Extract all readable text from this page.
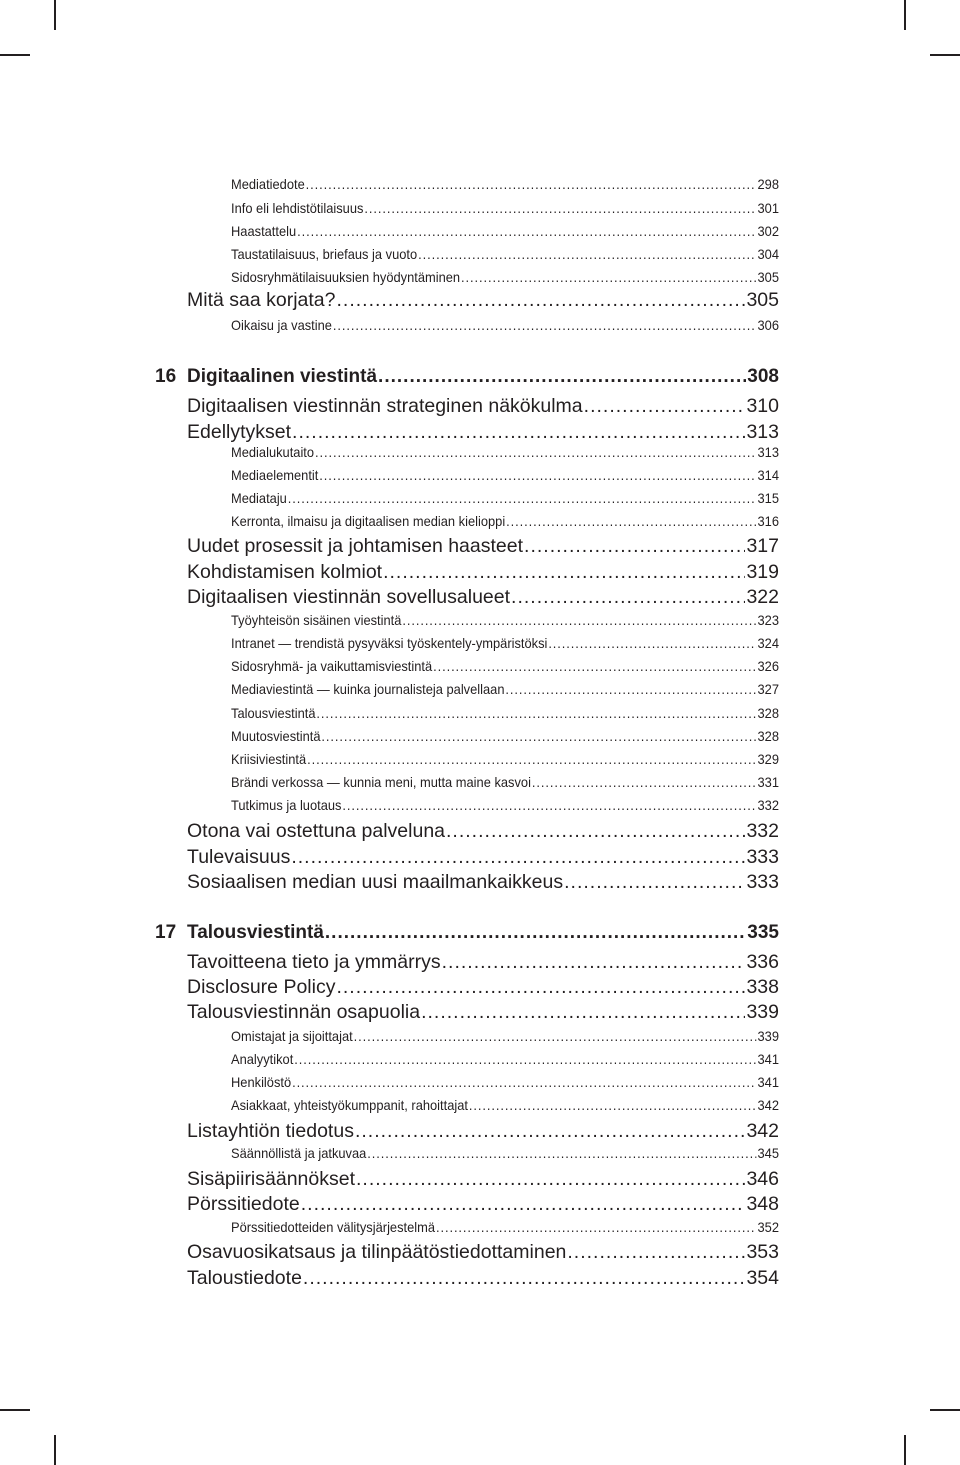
Mediatiedote .....	298
Info eli lehdistötilaisuus .....	301
Haastattelu .....	302
Taustatilaisuus, briefaus ja vuoto .....	304
Sidosryhmätilaisuuksien hyödyntäminen .....	305
Mitä saa korjata? .....	305
Oikaisu ja vastine .....	306
16 Digitaalinen viestintä .....	308
Digitaalisen viestinnän strateginen näkökulma .....	310
Edellytykset .....	313
Medialukutaito .....	313
Mediaelementit .....	314
Mediataju .....	315
Kerronta, ilmaisu ja digitaalisen median kielioppi .....	316
Uudet prosessit ja johtamisen haasteet .....	317
Kohdistamisen kolmiot .....	319
Digitaalisen viestinnän sovellusalueet .....	322
Työyhteisön sisäinen viestintä .....	323
Intranet — trendistä pysyväksi työskentely-ympäristöksi .....	324
Sidosryhmä- ja vaikuttamisviestintä .....	326
Mediaviestintä — kuinka journalisteja palvellaan .....	327
Talousviestintä .....	328
Muutosviestintä .....	328
Kriisiviestintä .....	329
Brändi verkossa — kunnia meni, mutta maine kasvoi .....	331
Tutkimus ja luotaus .....	332
Otona vai ostettuna palveluna .....	332
Tulevaisuus .....	333
Sosiaalisen median uusi maailmankaikkeus .....	333
17 Talousviestintä .....	335
Tavoitteena tieto ja ymmärrys .....	336
Disclosure Policy .....	338
Talousviestinnän osapuolia .....	339
Omistajat ja sijoittajat .....	339
Analyytikot .....	341
Henkilöstö .....	341
Asiakkaat, yhteistyökumppanit, rahoittajat .....	342
Listayhtiön tiedotus .....	342
Säännöllistä ja jatkuvaa .....	345
Sisäpiirisäännökset .....	346
Pörssitiedote .....	348
Pörssitiedotteiden välitysjärjestelmä .....	352
Osavuosikatsaus ja tilinpäätöstiedottaminen .....	353
Taloustiedote .....	354
